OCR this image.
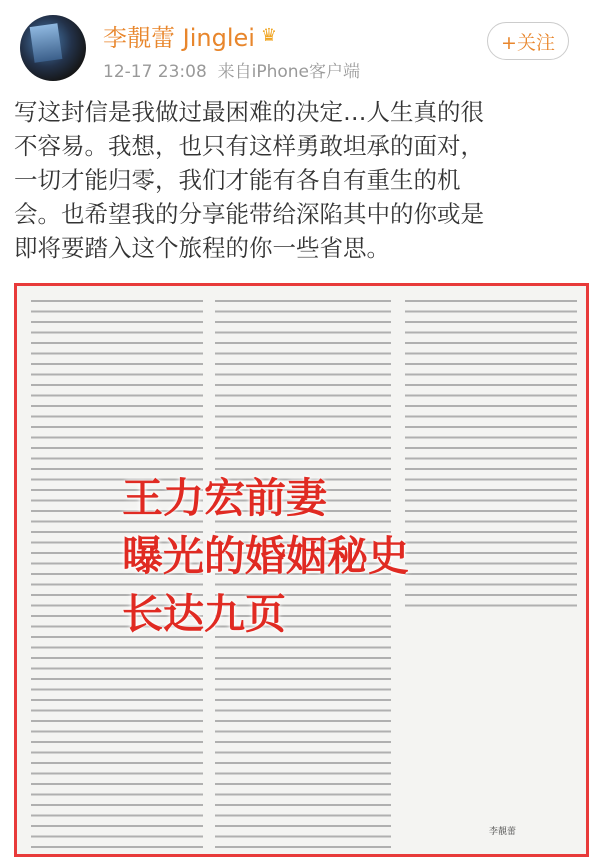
李靚蕾 Jinglei ♛
12-17 23:08 来自iPhone客户端
+关注
写这封信是我做过最困难的决定…人生真的很
不容易。我想，也只有这样勇敢坦承的面对，
一切才能归零，我们才能有各自有重生的机
会。也希望我的分享能带给深陷其中的你或是
即将要踏入这个旅程的你一些省思。
李靚蕾
王力宏前妻
曝光的婚姻秘史
长达九页
